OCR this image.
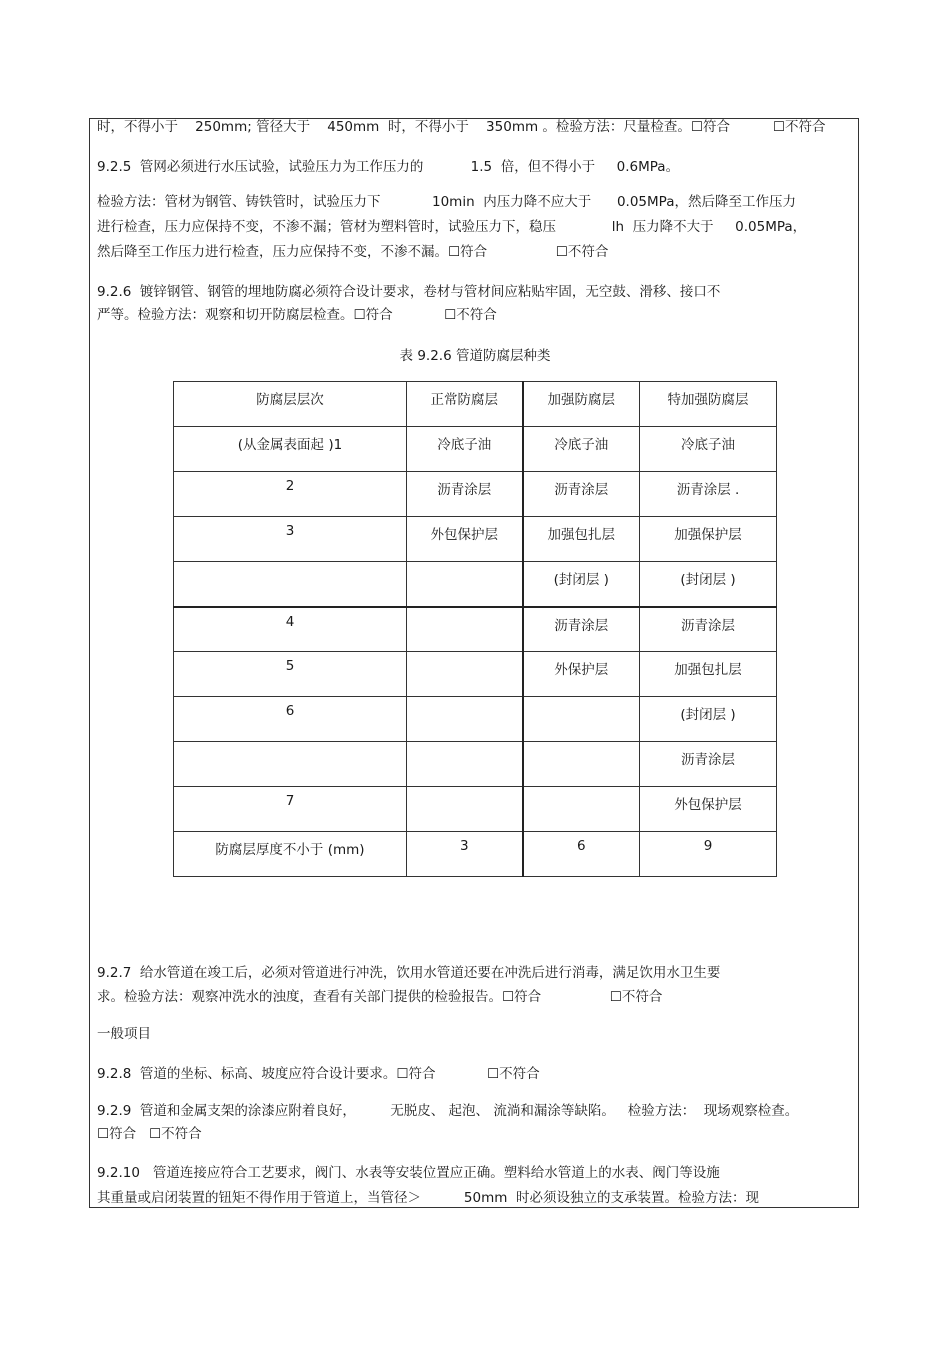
时，不得小于    250mm; 管径大于    450mm  时，不得小于    350mm 。检验方法：尺量检查。☐符合          ☐不符合
9.2.5  管网必须进行水压试验，试验压力为工作压力的           1.5  倍，但不得小于     0.6MPa。
检验方法：管材为钢管、铸铁管时，试验压力下            10min  内压力降不应大于      0.05MPa，然后降至工作压力
进行检查，压力应保持不变，不渗不漏；管材为塑料管时，试验压力下，稳压             lh  压力降不大于     0.05MPa，
然后降至工作压力进行检查，压力应保持不变，不渗不漏。☐符合                ☐不符合
9.2.6  镀锌钢管、钢管的埋地防腐必须符合设计要求，卷材与管材间应粘贴牢固，无空鼓、滑移、接口不
严等。检验方法：观察和切开防腐层检查。☐符合            ☐不符合
表 9.2.6 管道防腐层种类
防腐层层次	正常防腐层	加强防腐层	特加强防腐层
(从金属表面起 )1	冷底子油	冷底子油	冷底子油
2	沥青涂层	沥青涂层	沥青涂层 .
3	外包保护层	加强包扎层	加强保护层
		(封闭层 )	(封闭层 )
4		沥青涂层	沥青涂层
5		外保护层	加强包扎层
6			(封闭层 )
			沥青涂层
7			外包保护层
防腐层厚度不小于 (mm)	3	6	9
9.2.7  给水管道在竣工后，必须对管道进行冲洗，饮用水管道还要在冲洗后进行消毒，满足饮用水卫生要
求。检验方法：观察冲洗水的浊度，查看有关部门提供的检验报告。☐符合                ☐不符合
一般项目
9.2.8  管道的坐标、标高、坡度应符合设计要求。☐符合            ☐不符合
9.2.9  管道和金属支架的涂漆应附着良好，        无脱皮、 起泡、 流淌和漏涂等缺陷。   检验方法：  现场观察检查。
☐符合   ☐不符合
9.2.10   管道连接应符合工艺要求，阀门、水表等安装位置应正确。塑料给水管道上的水表、阀门等设施
其重量或启闭装置的钮矩不得作用于管道上，当管径＞          50mm  时必须设独立的支承装置。检验方法：现
